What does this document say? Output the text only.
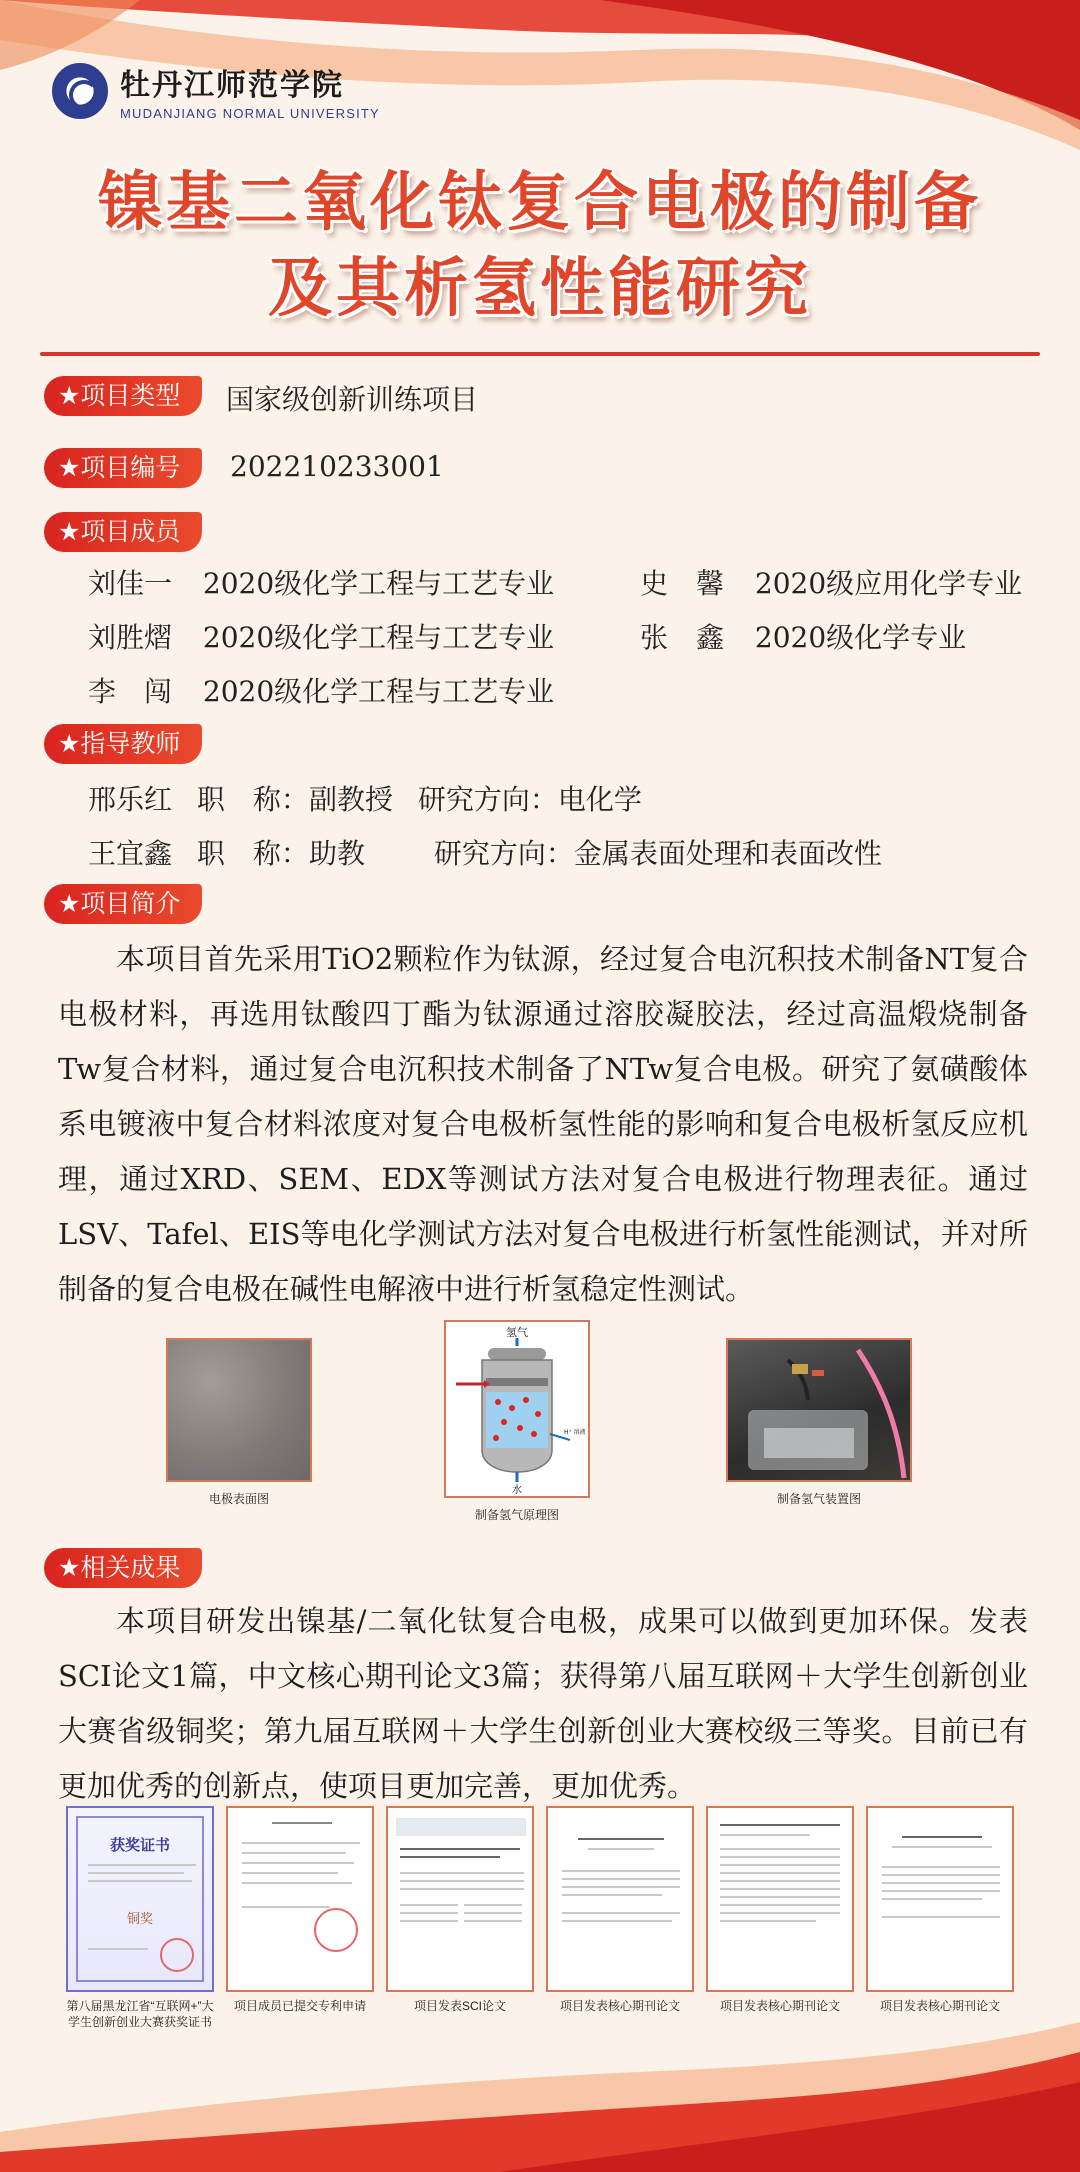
牡丹江师范学院
MUDANJIANG NORMAL UNIVERSITY
镍基二氧化钛复合电极的制备
及其析氢性能研究
★项目类型	国家级创新训练项目
★项目编号	202210233001
★项目成员
刘佳一 2020级化学工程与工艺专业	史　馨 2020级应用化学专业
刘胜熠 2020级化学工程与工艺专业	张　鑫 2020级化学专业
李　闯 2020级化学工程与工艺专业
★指导教师
邢乐红 职　称：副教授 研究方向：电化学
王宜鑫 职　称：助教 研究方向：金属表面处理和表面改性
★项目简介
本项目首先采用TiO2颗粒作为钛源，经过复合电沉积技术制备NT复合电极材料，再选用钛酸四丁酯为钛源通过溶胶凝胶法，经过高温煅烧制备Tw复合材料，通过复合电沉积技术制备了NTw复合电极。研究了氨磺酸体系电镀液中复合材料浓度对复合电极析氢性能的影响和复合电极析氢反应机理，通过XRD、SEM、EDX等测试方法对复合电极进行物理表征。通过LSV、Tafel、EIS等电化学测试方法对复合电极进行析氢性能测试，并对所制备的复合电极在碱性电解液中进行析氢稳定性测试。
电极表面图
氢气
H⁺ 溶液
水
制备氢气原理图
制备氢气装置图
★相关成果
本项目研发出镍基/二氧化钛复合电极，成果可以做到更加环保。发表SCI论文1篇，中文核心期刊论文3篇；获得第八届互联网＋大学生创新创业大赛省级铜奖；第九届互联网＋大学生创新创业大赛校级三等奖。目前已有更加优秀的创新点，使项目更加完善，更加优秀。
获奖证书
铜奖
第八届黑龙江省“互联网+”大学生创新创业大赛获奖证书
项目成员已提交专利申请	项目发表SCI论文	项目发表核心期刊论文	项目发表核心期刊论文	项目发表核心期刊论文
